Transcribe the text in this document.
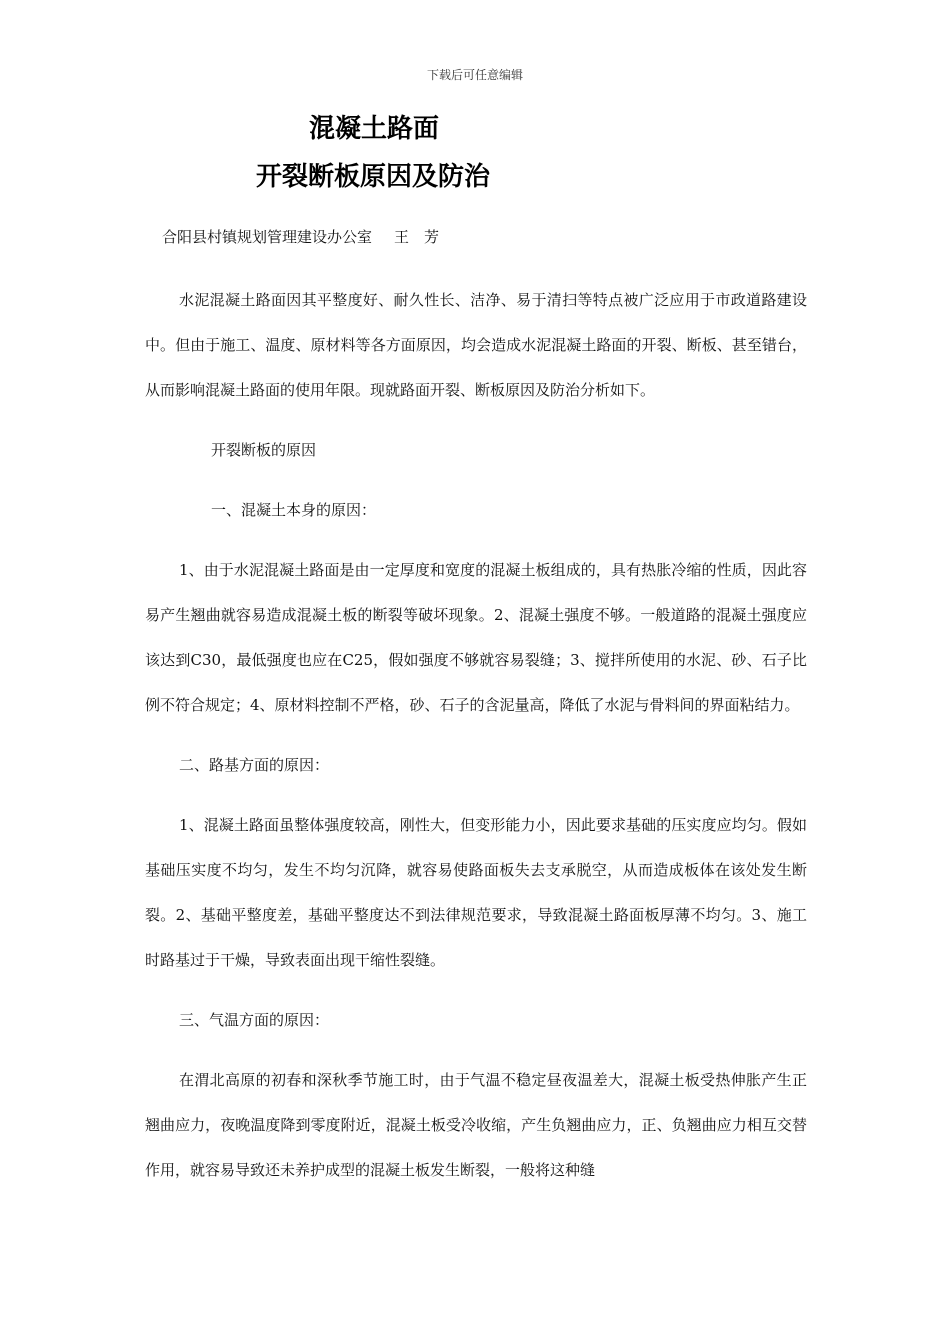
下载后可任意编辑
混凝土路面
开裂断板原因及防治
合阳县村镇规划管理建设办公室 王　芳

水泥混凝土路面因其平整度好、耐久性长、洁净、易于清扫等特点被广泛应用于市政道路建设中。但由于施工、温度、原材料等各方面原因，均会造成水泥混凝土路面的开裂、断板、甚至错台，从而影响混凝土路面的使用年限。现就路面开裂、断板原因及防治分析如下。

开裂断板的原因

一、混凝土本身的原因：

1、由于水泥混凝土路面是由一定厚度和宽度的混凝土板组成的，具有热胀冷缩的性质，因此容易产生翘曲就容易造成混凝土板的断裂等破坏现象。2、混凝土强度不够。一般道路的混凝土强度应该达到C30，最低强度也应在C25，假如强度不够就容易裂缝；3、搅拌所使用的水泥、砂、石子比例不符合规定；4、原材料控制不严格，砂、石子的含泥量高，降低了水泥与骨料间的界面粘结力。

二、路基方面的原因：

1、混凝土路面虽整体强度较高，刚性大，但变形能力小，因此要求基础的压实度应均匀。假如基础压实度不均匀，发生不均匀沉降，就容易使路面板失去支承脱空，从而造成板体在该处发生断裂。2、基础平整度差，基础平整度达不到法律规范要求，导致混凝土路面板厚薄不均匀。3、施工时路基过于干燥，导致表面出现干缩性裂缝。

三、气温方面的原因：

在渭北高原的初春和深秋季节施工时，由于气温不稳定昼夜温差大，混凝土板受热伸胀产生正翘曲应力，夜晚温度降到零度附近，混凝土板受冷收缩，产生负翘曲应力，正、负翘曲应力相互交替作用，就容易导致还未养护成型的混凝土板发生断裂，一般将这种缝
